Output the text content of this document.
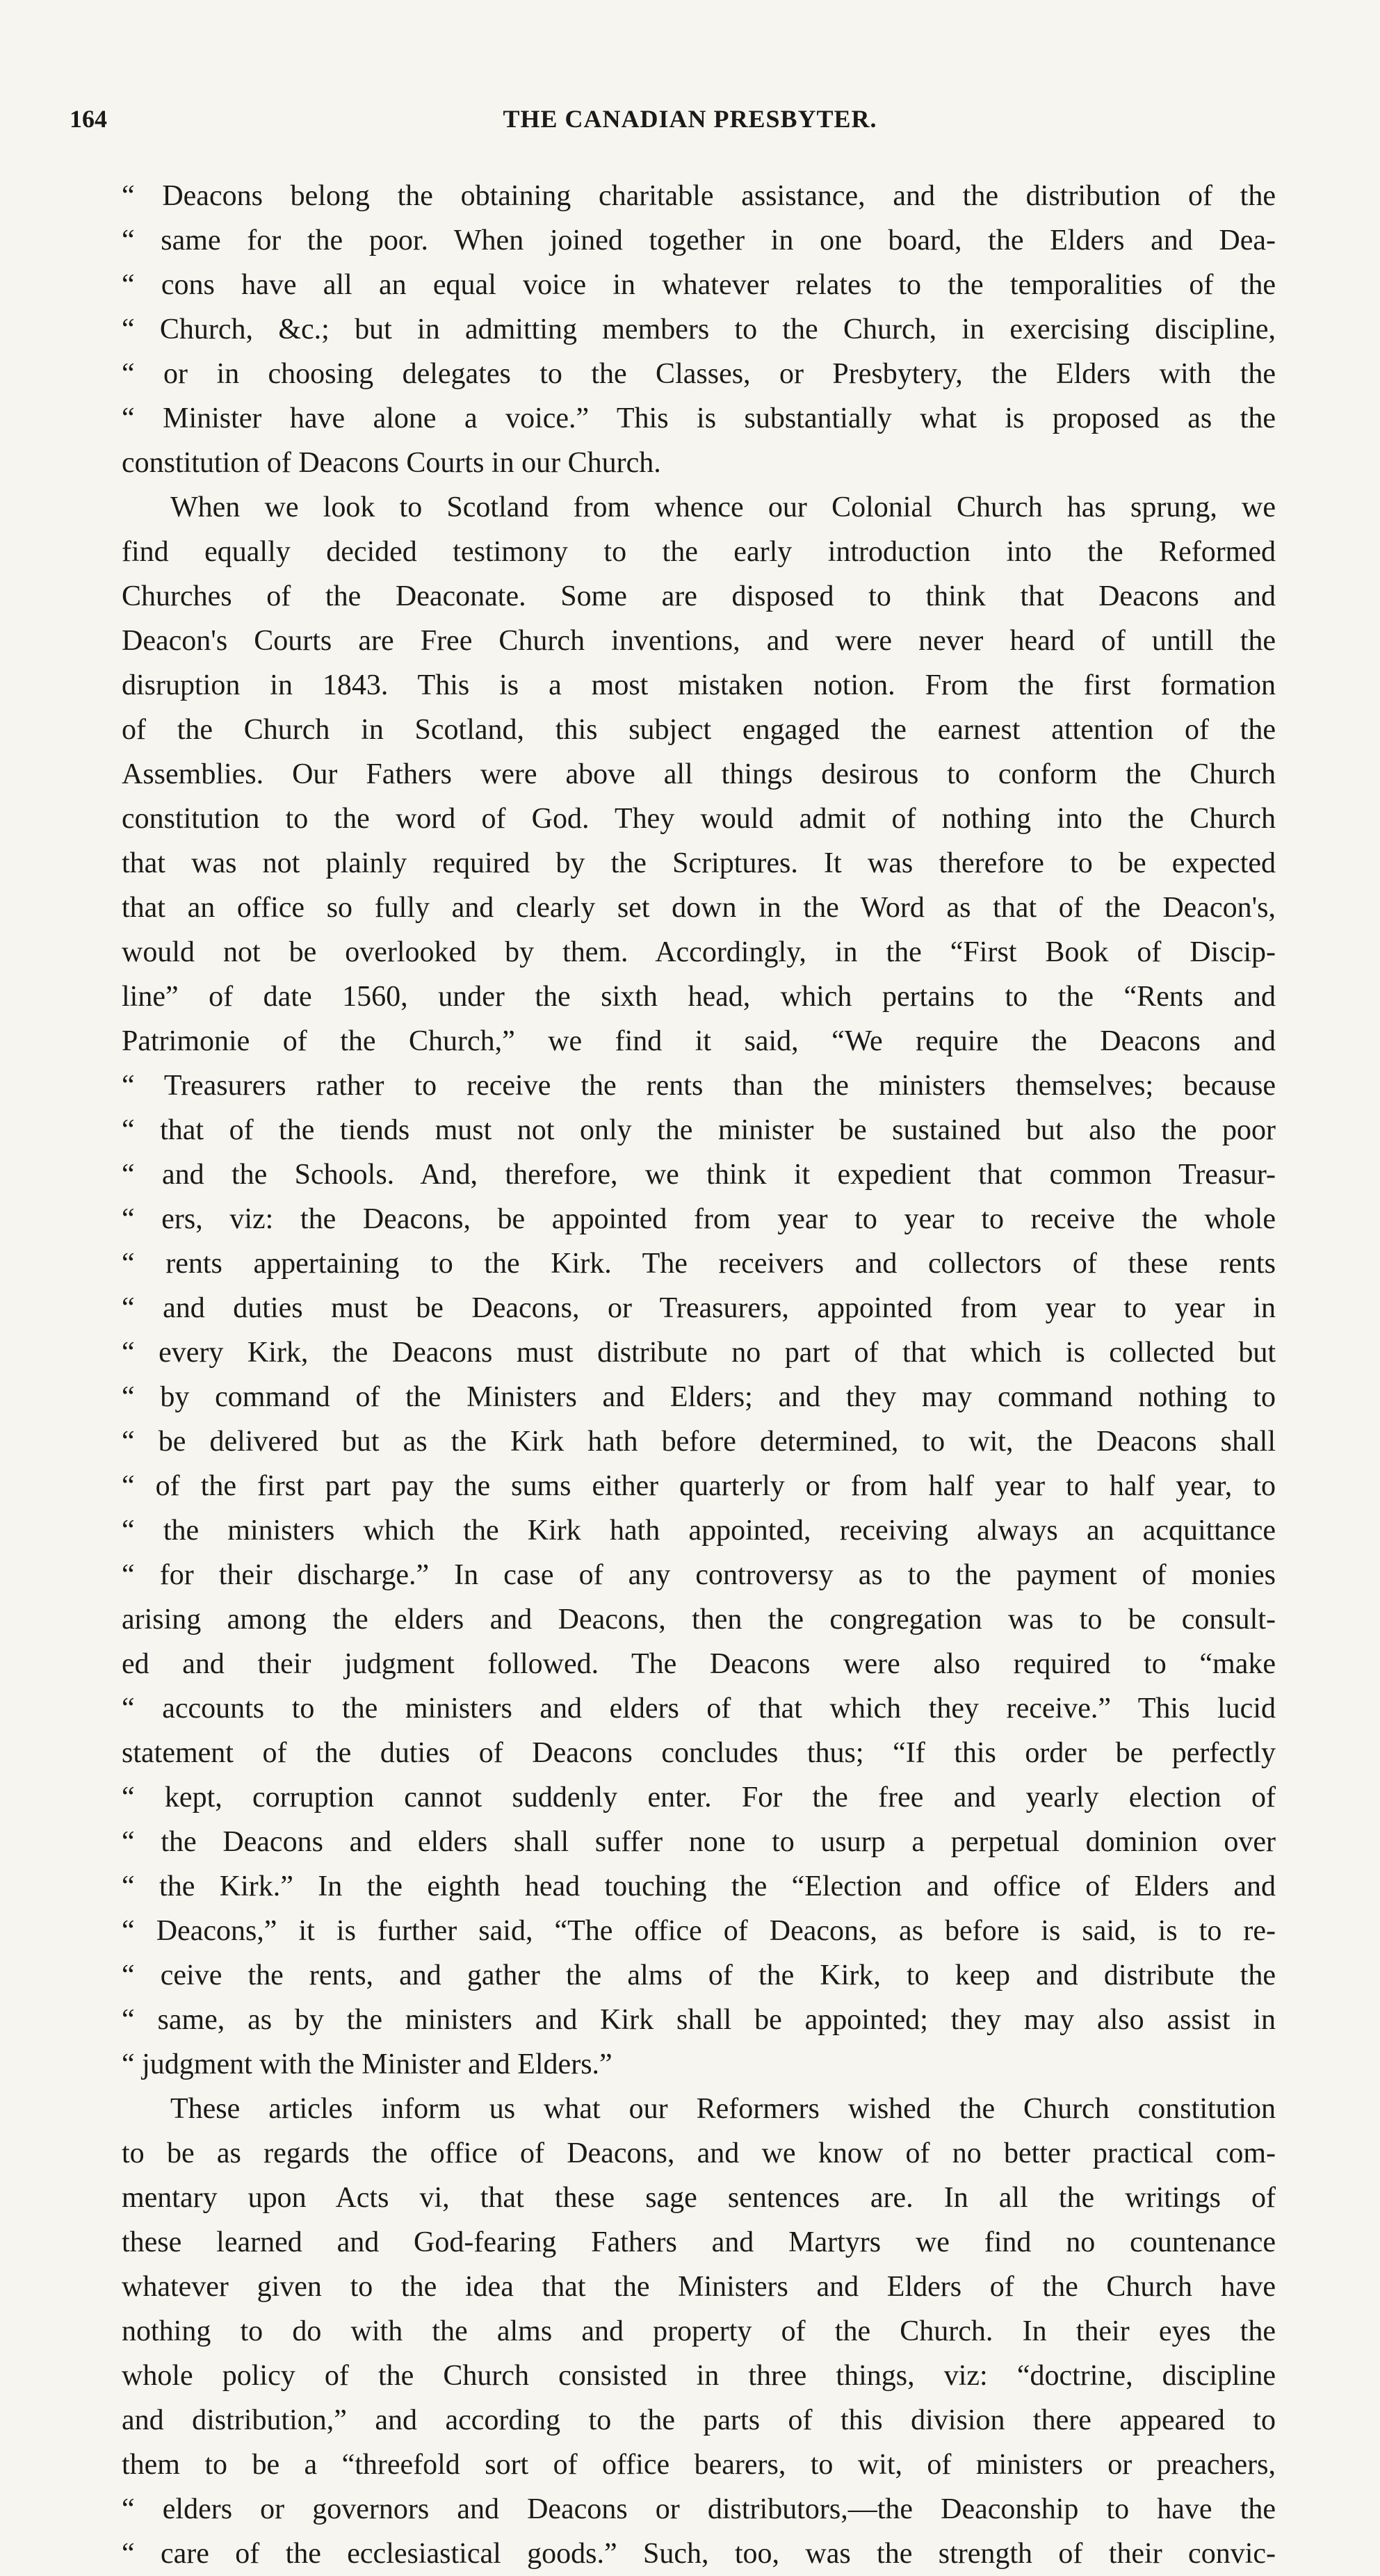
164	THE CANADIAN PRESBYTER.
“ Deacons belong the obtaining charitable assistance, and the distribution of the
“ same for the poor. When joined together in one board, the Elders and Dea-
“ cons have all an equal voice in whatever relates to the temporalities of the
“ Church, &c.; but in admitting members to the Church, in exercising discipline,
“ or in choosing delegates to the Classes, or Presbytery, the Elders with the
“ Minister have alone a voice.” This is substantially what is proposed as the
constitution of Deacons Courts in our Church.
When we look to Scotland from whence our Colonial Church has sprung, we
find equally decided testimony to the early introduction into the Reformed
Churches of the Deaconate. Some are disposed to think that Deacons and
Deacon's Courts are Free Church inventions, and were never heard of untill the
disruption in 1843. This is a most mistaken notion. From the first formation
of the Church in Scotland, this subject engaged the earnest attention of the
Assemblies. Our Fathers were above all things desirous to conform the Church
constitution to the word of God. They would admit of nothing into the Church
that was not plainly required by the Scriptures. It was therefore to be expected
that an office so fully and clearly set down in the Word as that of the Deacon's,
would not be overlooked by them. Accordingly, in the “First Book of Discip-
line” of date 1560, under the sixth head, which pertains to the “Rents and
Patrimonie of the Church,” we find it said, “We require the Deacons and
“ Treasurers rather to receive the rents than the ministers themselves; because
“ that of the tiends must not only the minister be sustained but also the poor
“ and the Schools. And, therefore, we think it expedient that common Treasur-
“ ers, viz: the Deacons, be appointed from year to year to receive the whole
“ rents appertaining to the Kirk. The receivers and collectors of these rents
“ and duties must be Deacons, or Treasurers, appointed from year to year in
“ every Kirk, the Deacons must distribute no part of that which is collected but
“ by command of the Ministers and Elders; and they may command nothing to
“ be delivered but as the Kirk hath before determined, to wit, the Deacons shall
“ of the first part pay the sums either quarterly or from half year to half year, to
“ the ministers which the Kirk hath appointed, receiving always an acquittance
“ for their discharge.” In case of any controversy as to the payment of monies
arising among the elders and Deacons, then the congregation was to be consult-
ed and their judgment followed. The Deacons were also required to “make
“ accounts to the ministers and elders of that which they receive.” This lucid
statement of the duties of Deacons concludes thus; “If this order be perfectly
“ kept, corruption cannot suddenly enter. For the free and yearly election of
“ the Deacons and elders shall suffer none to usurp a perpetual dominion over
“ the Kirk.” In the eighth head touching the “Election and office of Elders and
“ Deacons,” it is further said, “The office of Deacons, as before is said, is to re-
“ ceive the rents, and gather the alms of the Kirk, to keep and distribute the
“ same, as by the ministers and Kirk shall be appointed; they may also assist in
“ judgment with the Minister and Elders.”
These articles inform us what our Reformers wished the Church constitution
to be as regards the office of Deacons, and we know of no better practical com-
mentary upon Acts vi, that these sage sentences are. In all the writings of
these learned and God-fearing Fathers and Martyrs we find no countenance
whatever given to the idea that the Ministers and Elders of the Church have
nothing to do with the alms and property of the Church. In their eyes the
whole policy of the Church consisted in three things, viz: “doctrine, discipline
and distribution,” and according to the parts of this division there appeared to
them to be a “threefold sort of office bearers, to wit, of ministers or preachers,
“ elders or governors and Deacons or distributors,—the Deaconship to have the
“ care of the ecclesiastical goods.” Such, too, was the strength of their convic-
